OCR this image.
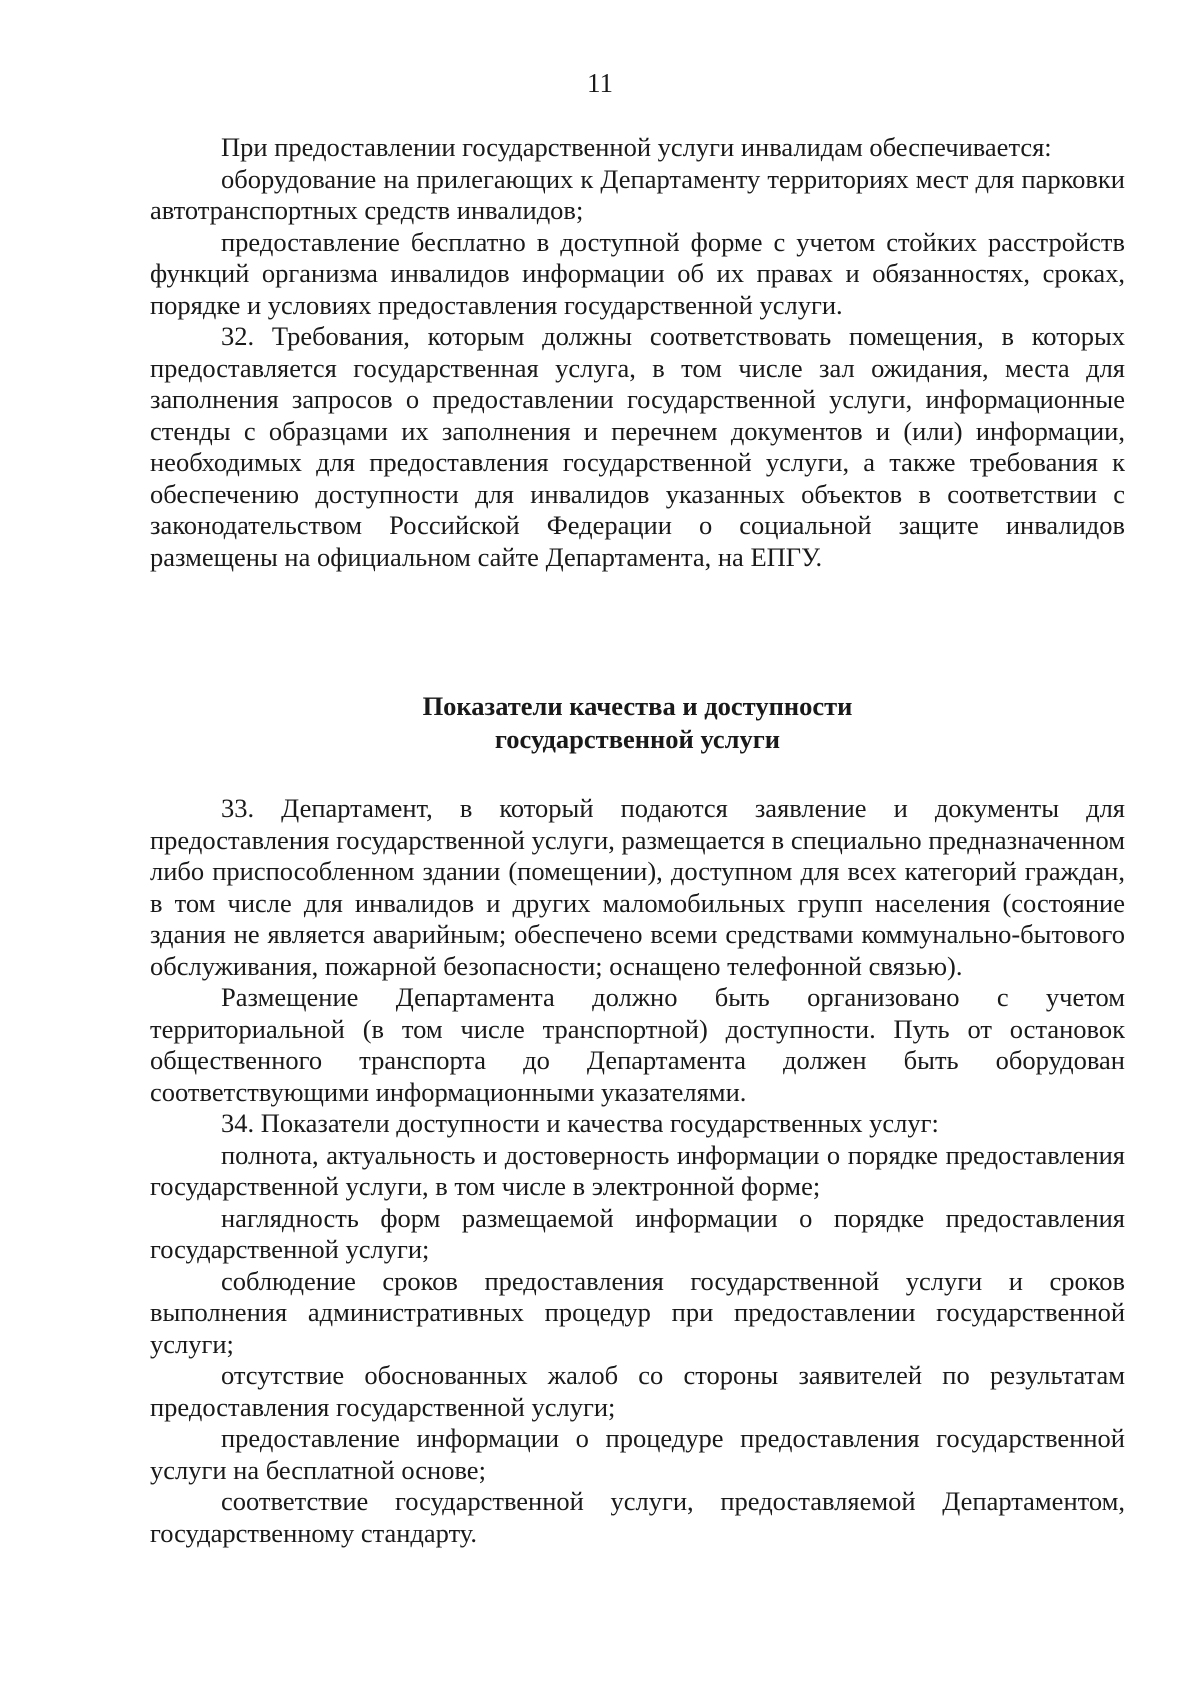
11

При предоставлении государственной услуги инвалидам обеспечивается:

оборудование на прилегающих к Департаменту территориях мест для парковки автотранспортных средств инвалидов;

предоставление бесплатно в доступной форме с учетом стойких расстройств функций организма инвалидов информации об их правах и обязанностях, сроках, порядке и условиях предоставления государственной услуги.

32. Требования, которым должны соответствовать помещения, в которых предоставляется государственная услуга, в том числе зал ожидания, места для заполнения запросов о предоставлении государственной услуги, информационные стенды с образцами их заполнения и перечнем документов и (или) информации, необходимых для предоставления государственной услуги, а также требования к обеспечению доступности для инвалидов указанных объектов в соответствии с законодательством Российской Федерации о социальной защите инвалидов размещены на официальном сайте Департамента, на ЕПГУ.

Показатели качества и доступности
государственной услуги

33. Департамент, в который подаются заявление и документы для предоставления государственной услуги, размещается в специально предназначенном либо приспособленном здании (помещении), доступном для всех категорий граждан, в том числе для инвалидов и других маломобильных групп населения (состояние здания не является аварийным; обеспечено всеми средствами коммунально-бытового обслуживания, пожарной безопасности; оснащено телефонной связью).

Размещение Департамента должно быть организовано с учетом территориальной (в том числе транспортной) доступности. Путь от остановок общественного транспорта до Департамента должен быть оборудован соответствующими информационными указателями.

34. Показатели доступности и качества государственных услуг:

полнота, актуальность и достоверность информации о порядке предоставления государственной услуги, в том числе в электронной форме;

наглядность форм размещаемой информации о порядке предоставления государственной услуги;

соблюдение сроков предоставления государственной услуги и сроков выполнения административных процедур при предоставлении государственной услуги;

отсутствие обоснованных жалоб со стороны заявителей по результатам предоставления государственной услуги;

предоставление информации о процедуре предоставления государственной услуги на бесплатной основе;

соответствие государственной услуги, предоставляемой Департаментом, государственному стандарту.
